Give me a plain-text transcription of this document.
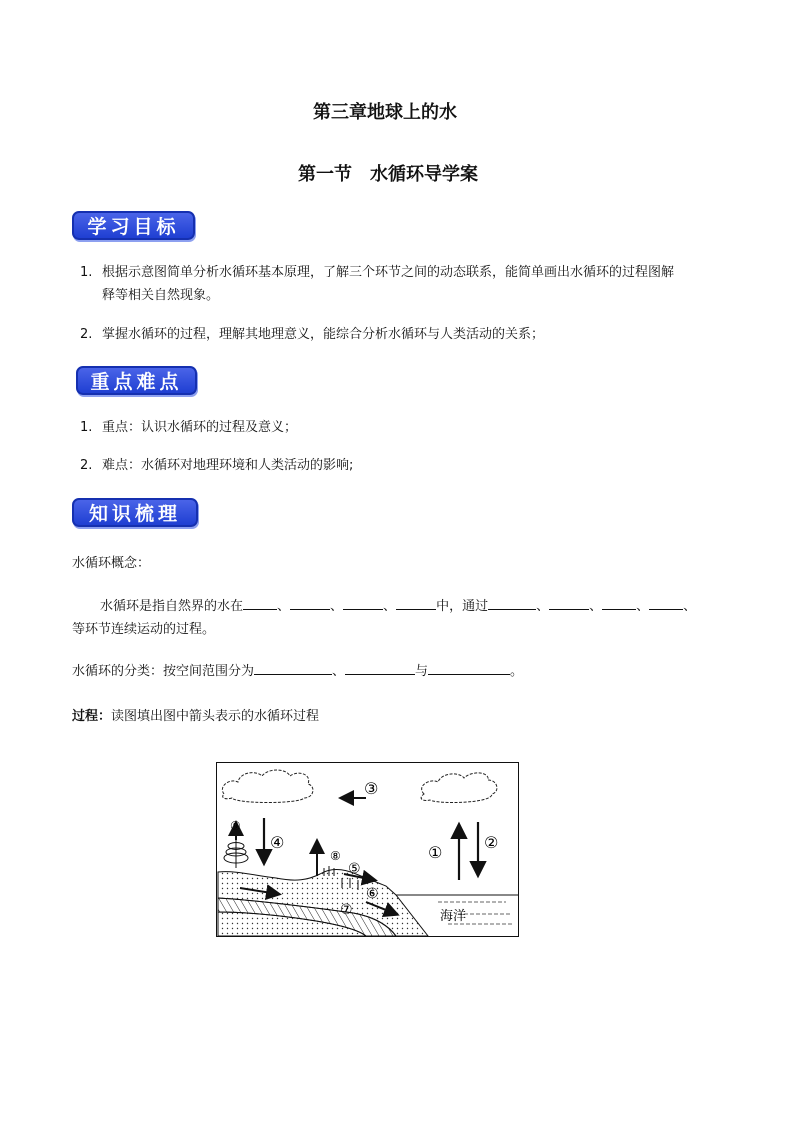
第三章地球上的水
第一节　水循环导学案
学习目标
1. 根据示意图简单分析水循环基本原理，了解三个环节之间的动态联系，能简单画出水循环的过程图解
释等相关自然现象。
2. 掌握水循环的过程，理解其地理意义，能综合分析水循环与人类活动的关系；
重点难点
1. 重点：认识水循环的过程及意义；
2. 难点：水循环对地理环境和人类活动的影响;
知识梳理
水循环概念：
水循环是指自然界的水在	、	、	、	中，通过	、	、	、	、
等环节连续运动的过程。
水循环的分类：按空间范围分为	、	与	。
过程：读图填出图中箭头表示的水循环过程
①
②
③
④
⑤
⑥
⑦
⑧
⑨
海洋
